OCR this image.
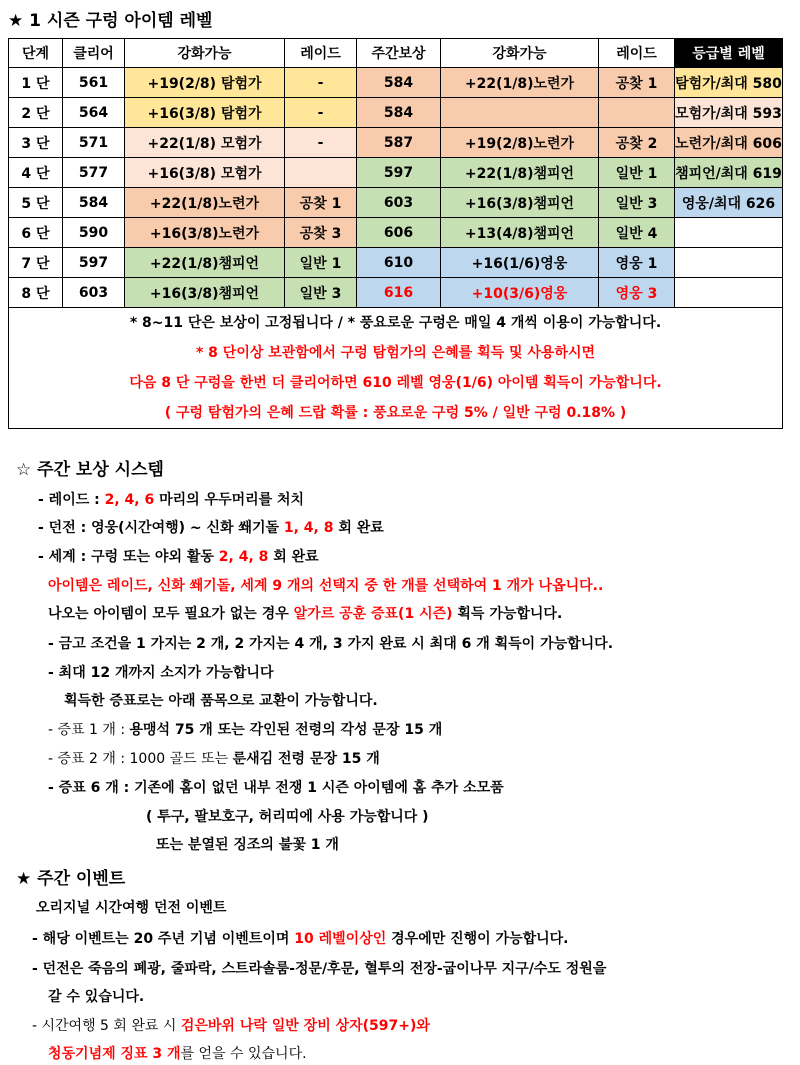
★ 1 시즌 구렁 아이템 레벨
단계	클리어	강화가능	레이드	주간보상	강화가능	레이드	등급별 레벨
1 단	561	+19(2/8) 탐험가	-	584	+22(1/8)노련가	공찾 1	탐험가/최대 580
2 단	564	+16(3/8) 탐험가	-	584			모험가/최대 593
3 단	571	+22(1/8) 모험가	-	587	+19(2/8)노련가	공찾 2	노련가/최대 606
4 단	577	+16(3/8) 모험가		597	+22(1/8)챔피언	일반 1	챔피언/최대 619
5 단	584	+22(1/8)노련가	공찾 1	603	+16(3/8)챔피언	일반 3	영웅/최대 626
6 단	590	+16(3/8)노련가	공찾 3	606	+13(4/8)챔피언	일반 4	
7 단	597	+22(1/8)챔피언	일반 1	610	+16(1/6)영웅	영웅 1	
8 단	603	+16(3/8)챔피언	일반 3	616	+10(3/6)영웅	영웅 3	

* 8~11 단은 보상이 고정됩니다 / * 풍요로운 구렁은 매일 4 개씩 이용이 가능합니다.
* 8 단이상 보관함에서 구렁 탐험가의 은혜를 획득 및 사용하시면
다음 8 단 구렁을 한번 더 클리어하면 610 레벨 영웅(1/6) 아이템 획득이 가능합니다.
( 구렁 탐험가의 은혜 드랍 확률 : 풍요로운 구렁 5% / 일반 구렁 0.18% )							
☆ 주간 보상 시스템
- 레이드 : 2, 4, 6 마리의 우두머리를 처치
- 던전 : 영웅(시간여행) ~ 신화 쐐기돌 1, 4, 8 회 완료
- 세계 : 구렁 또는 야외 활동 2, 4, 8 회 완료
아이템은 레이드, 신화 쐐기돌, 세계 9 개의 선택지 중 한 개를 선택하여 1 개가 나옵니다..
나오는 아이템이 모두 필요가 없는 경우 알가르 공훈 증표(1 시즌) 획득 가능합니다.
- 금고 조건을 1 가지는 2 개, 2 가지는 4 개, 3 가지 완료 시 최대 6 개 획득이 가능합니다.
- 최대 12 개까지 소지가 가능합니다
획득한 증표로는 아래 품목으로 교환이 가능합니다.
- 증표 1 개 : 용맹석 75 개 또는 각인된 전령의 각성 문장 15 개
- 증표 2 개 : 1000 골드 또는 룬새김 전령 문장 15 개
- 증표 6 개 : 기존에 홈이 없던 내부 전쟁 1 시즌 아이템에 홈 추가 소모품
( 투구, 팔보호구, 허리띠에 사용 가능합니다 )
또는 분열된 징조의 불꽃 1 개
★ 주간 이벤트
오리지널 시간여행 던전 이벤트
- 해당 이벤트는 20 주년 기념 이벤트이며 10 레벨이상인 경우에만 진행이 가능합니다.
- 던전은 죽음의 폐광, 줄파락, 스트라솔룸-정문/후문, 혈투의 전장-굽이나무 지구/수도 정원을
갈 수 있습니다.
- 시간여행 5 회 완료 시 검은바위 나락 일반 장비 상자(597+)와
청동기념제 징표 3 개를 얻을 수 있습니다.
